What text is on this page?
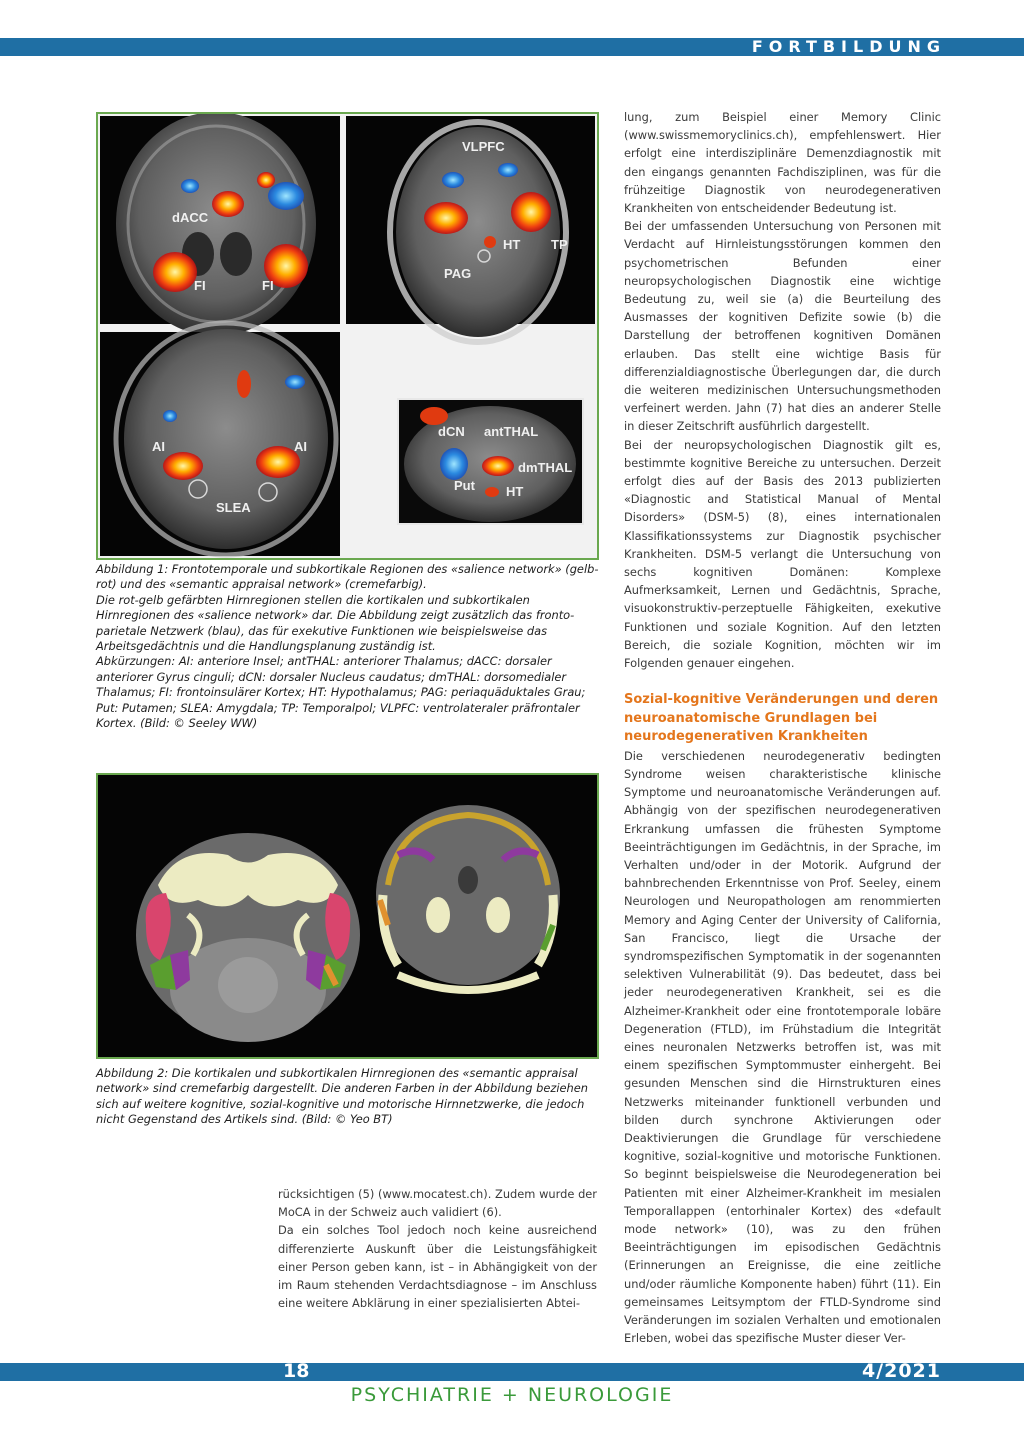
FORTBILDUNG
dACC
FI	FI
VLPFC
HT TP
PAG
AI	AI
SLEA
dCN antTHAL
dmTHAL
Put HT

Abbildung 1: Frontotemporale und subkortikale Regionen des «salience network» (gelb-rot) und des «semantic appraisal network» (cremefarbig).

Die rot-gelb gefärbten Hirnregionen stellen die kortikalen und subkortikalen Hirnregionen des «salience network» dar. Die Abbildung zeigt zusätzlich das fronto-parietale Netzwerk (blau), das für exekutive Funktionen wie beispielsweise das Arbeitsgedächtnis und die Handlungsplanung zuständig ist.

Abkürzungen: AI: anteriore Insel; antTHAL: anteriorer Thalamus; dACC: dorsaler anteriorer Gyrus cinguli; dCN: dorsaler Nucleus caudatus; dmTHAL: dorsomedialer Thalamus; FI: frontoinsulärer Kortex; HT: Hypothalamus; PAG: periaquäduktales Grau; Put: Putamen; SLEA: Amygdala; TP: Temporalpol; VLPFC: ventrolateraler präfrontaler Kortex. (Bild: © Seeley WW)

Abbildung 2: Die kortikalen und subkortikalen Hirnregionen des «semantic appraisal network» sind cremefarbig dargestellt. Die anderen Farben in der Abbildung beziehen sich auf weitere kognitive, sozial-kognitive und motorische Hirnnetzwerke, die jedoch nicht Gegenstand des Artikels sind. (Bild: © Yeo BT)

rücksichtigen (5) (www.mocatest.ch). Zudem wurde der MoCA in der Schweiz auch validiert (6).

Da ein solches Tool jedoch noch keine ausreichend differenzierte Auskunft über die Leistungsfähigkeit einer Person geben kann, ist – in Abhängigkeit von der im Raum stehenden Verdachtsdiagnose – im Anschluss eine weitere Abklärung in einer spezialisierten Abtei-

lung, zum Beispiel einer Memory Clinic (www.swissmemoryclinics.ch), empfehlenswert. Hier erfolgt eine interdisziplinäre Demenzdiagnostik mit den eingangs genannten Fachdisziplinen, was für die frühzeitige Diagnostik von neurodegenerativen Krankheiten von entscheidender Bedeutung ist.

Bei der umfassenden Untersuchung von Personen mit Verdacht auf Hirnleistungsstörungen kommen den psychometrischen Befunden einer neuropsychologischen Diagnostik eine wichtige Bedeutung zu, weil sie (a) die Beurteilung des Ausmasses der kognitiven Defizite sowie (b) die Darstellung der betroffenen kognitiven Domänen erlauben. Das stellt eine wichtige Basis für differenzialdiagnostische Überlegungen dar, die durch die weiteren medizinischen Untersuchungsmethoden verfeinert werden. Jahn (7) hat dies an anderer Stelle in dieser Zeitschrift ausführlich dargestellt.

Bei der neuropsychologischen Diagnostik gilt es, bestimmte kognitive Bereiche zu untersuchen. Derzeit erfolgt dies auf der Basis des 2013 publizierten «Diagnostic and Statistical Manual of Mental Disorders» (DSM-5) (8), eines internationalen Klassifikationssystems zur Diagnostik psychischer Krankheiten. DSM-5 verlangt die Untersuchung von sechs kognitiven Domänen: Komplexe Aufmerksamkeit, Lernen und Gedächtnis, Sprache, visuokonstruktiv-perzeptuelle Fähigkeiten, exekutive Funktionen und soziale Kognition. Auf den letzten Bereich, die soziale Kognition, möchten wir im Folgenden genauer eingehen.

Sozial-kognitive Veränderungen und deren neuroanatomische Grundlagen bei neurodegenerativen Krankheiten

Die verschiedenen neurodegenerativ bedingten Syndrome weisen charakteristische klinische Symptome und neuroanatomische Veränderungen auf. Abhängig von der spezifischen neurodegenerativen Erkrankung umfassen die frühesten Symptome Beeinträchtigungen im Gedächtnis, in der Sprache, im Verhalten und/oder in der Motorik. Aufgrund der bahnbrechenden Erkenntnisse von Prof. Seeley, einem Neurologen und Neuropathologen am renommierten Memory and Aging Center der University of California, San Francisco, liegt die Ursache der syndromspezifischen Symptomatik in der sogenannten selektiven Vulnerabilität (9). Das bedeutet, dass bei jeder neurodegenerativen Krankheit, sei es die Alzheimer-Krankheit oder eine frontotemporale lobäre Degeneration (FTLD), im Frühstadium die Integrität eines neuronalen Netzwerks betroffen ist, was mit einem spezifischen Symptommuster einhergeht. Bei gesunden Menschen sind die Hirnstrukturen eines Netzwerks miteinander funktionell verbunden und bilden durch synchrone Aktivierungen oder Deaktivierungen die Grundlage für verschiedene kognitive, sozial-kognitive und motorische Funktionen. So beginnt beispielsweise die Neurodegeneration bei Patienten mit einer Alzheimer-Krankheit im mesialen Temporallappen (entorhinaler Kortex) des «default mode network» (10), was zu den frühen Beeinträchtigungen im episodischen Gedächtnis (Erinnerungen an Ereignisse, die eine zeitliche und/oder räumliche Komponente haben) führt (11). Ein gemeinsames Leitsymptom der FTLD-Syndrome sind Veränderungen im sozialen Verhalten und emotionalen Erleben, wobei das spezifische Muster dieser Ver-

18	4/2021
PSYCHIATRIE + NEUROLOGIE
